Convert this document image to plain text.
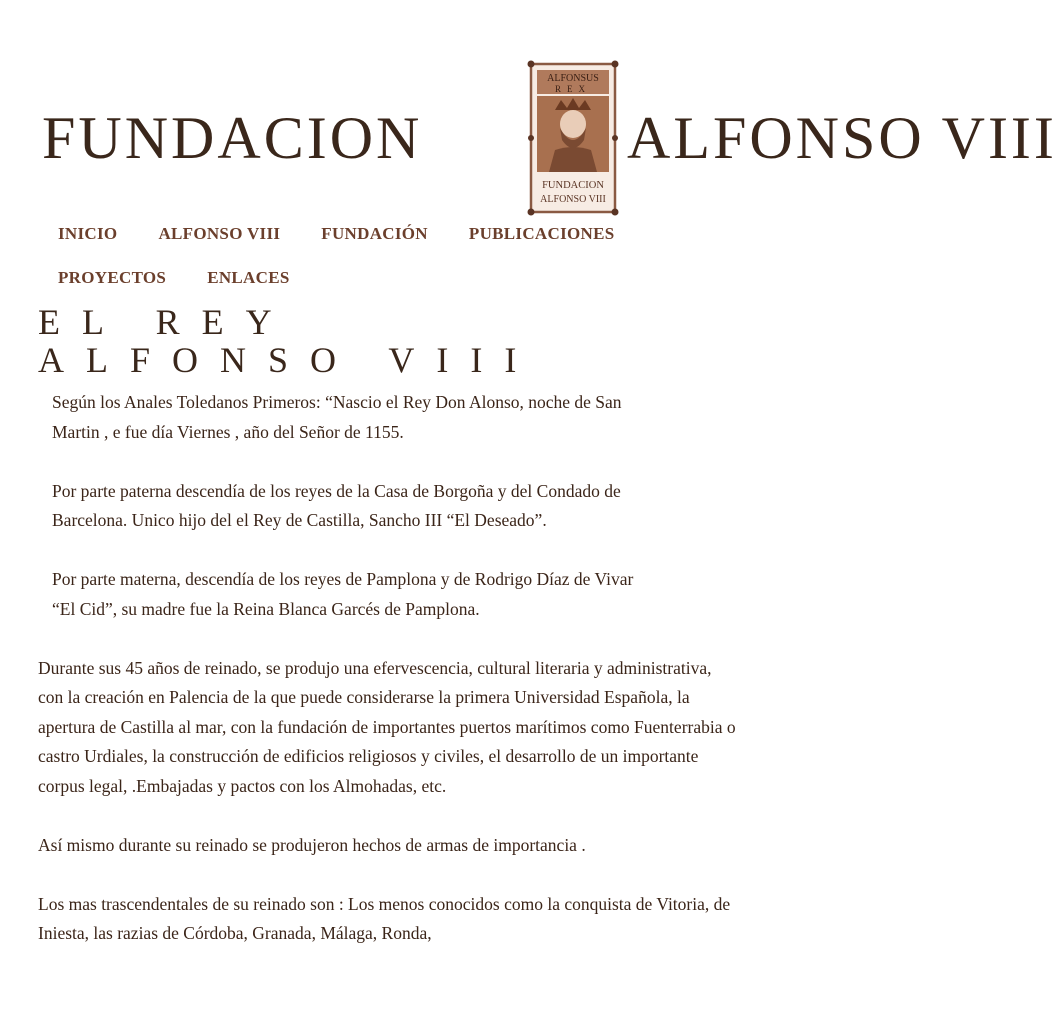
FUNDACION
ALFONSUS
REX
FUNDACION
ALFONSO VIII
ALFONSO VIII
INICIO ALFONSO VIII FUNDACIÓN PUBLICACIONES
PROYECTOS ENLACES
EL REY
ALFONSO VIII

Según los Anales Toledanos Primeros: “Nascio el Rey Don Alonso, noche de San
Martin , e fue día Viernes , año del Señor de 1155.

Por parte paterna descendía de los reyes de la Casa de Borgoña y del Condado de
Barcelona. Unico hijo del el Rey de Castilla, Sancho III “El Deseado”.

Por parte materna, descendía de los reyes de Pamplona y de Rodrigo Díaz de Vivar
“El Cid”, su madre fue la Reina Blanca Garcés de Pamplona.

Durante sus 45 años de reinado, se produjo una efervescencia, cultural literaria y administrativa, con la creación en Palencia de la que puede considerarse la primera Universidad Española, la apertura de Castilla al mar, con la fundación de importantes puertos marítimos como Fuenterrabia o castro Urdiales, la construcción de edificios religiosos y civiles, el desarrollo de un importante corpus legal, .Embajadas y pactos con los Almohadas, etc.

Así mismo durante su reinado se produjeron hechos de armas de importancia .

Los mas trascendentales de su reinado son : Los menos conocidos como la conquista de Vitoria, de Iniesta, las razias de Córdoba, Granada, Málaga, Ronda,
